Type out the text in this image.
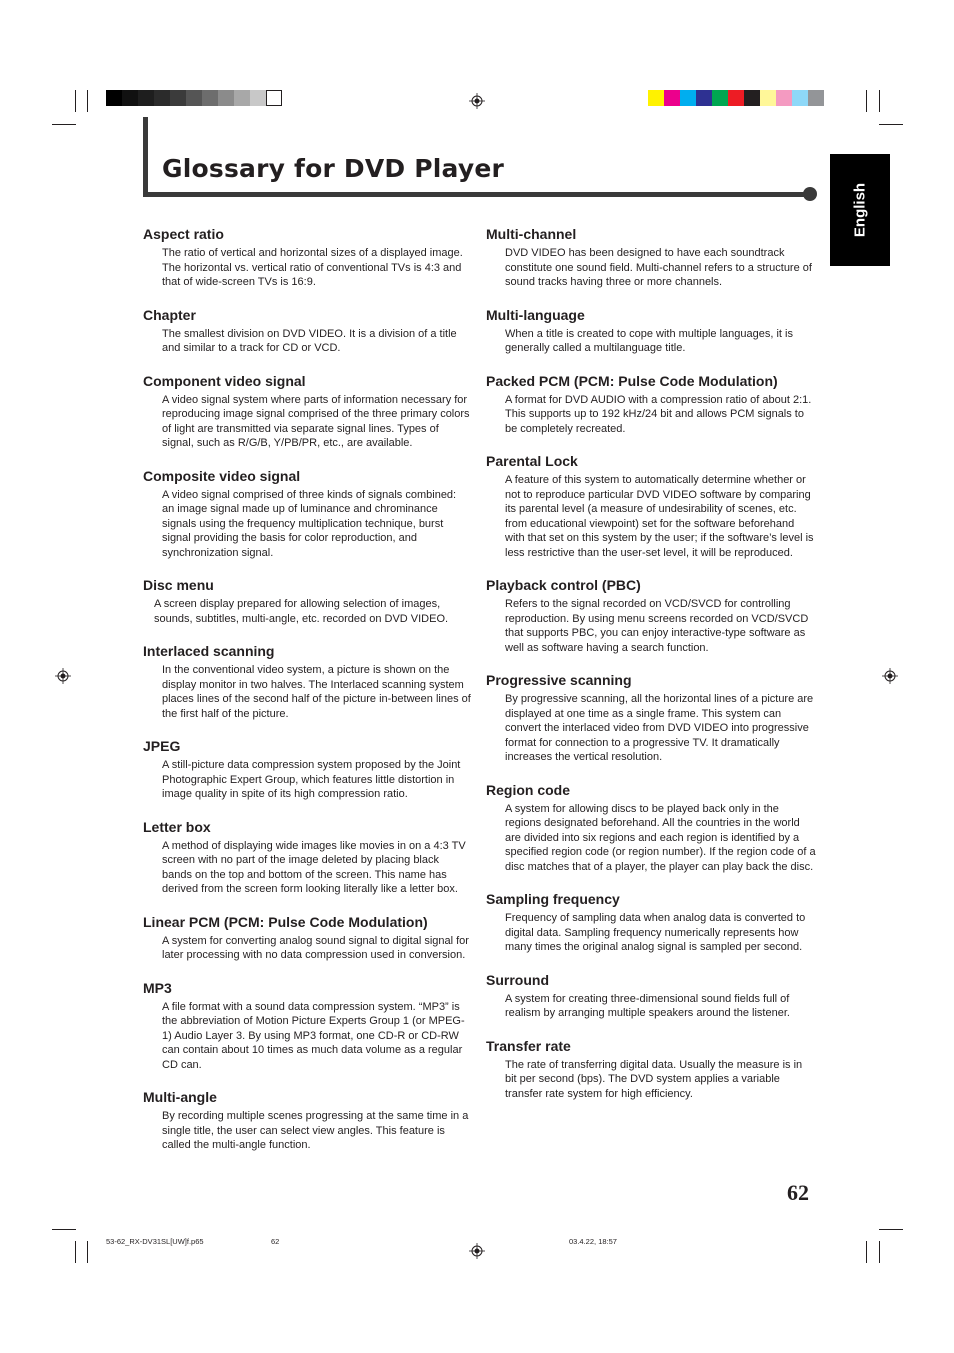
Glossary for DVD Player
English
Aspect ratio

The ratio of vertical and horizontal sizes of a displayed image. The horizontal vs. vertical ratio of conventional TVs is 4:3 and that of wide-screen TVs is 16:9.

Chapter

The smallest division on DVD VIDEO. It is a division of a title and similar to a track for CD or VCD.

Component video signal

A video signal system where parts of information necessary for reproducing image signal comprised of the three primary colors of light are transmitted via separate signal lines. Types of signal, such as R/G/B, Y/PB/PR, etc., are available.

Composite video signal

A video signal comprised of three kinds of signals combined: an image signal made up of luminance and chrominance signals using the frequency multiplication technique, burst signal providing the basis for color reproduction, and synchronization signal.

Disc menu

A screen display prepared for allowing selection of images, sounds, subtitles, multi-angle, etc. recorded on DVD VIDEO.

Interlaced scanning

In the conventional video system, a picture is shown on the display monitor in two halves. The Interlaced scanning system places lines of the second half of the picture in-between lines of the first half of the picture.

JPEG

A still-picture data compression system proposed by the Joint Photographic Expert Group, which features little distortion in image quality in spite of its high compression ratio.

Letter box

A method of displaying wide images like movies in on a 4:3 TV screen with no part of the image deleted by placing black bands on the top and bottom of the screen. This name has derived from the screen form looking literally like a letter box.

Linear PCM (PCM: Pulse Code Modulation)

A system for converting analog sound signal to digital signal for later processing with no data compression used in conversion.

MP3

A file format with a sound data compression system. “MP3” is the abbreviation of Motion Picture Experts Group 1 (or MPEG-1) Audio Layer 3. By using MP3 format, one CD-R or CD-RW can contain about 10 times as much data volume as a regular CD can.

Multi-angle

By recording multiple scenes progressing at the same time in a single title, the user can select view angles. This feature is called the multi-angle function.

Multi-channel

DVD VIDEO has been designed to have each soundtrack constitute one sound field. Multi-channel refers to a structure of sound tracks having three or more channels.

Multi-language

When a title is created to cope with multiple languages, it is generally called a multilanguage title.

Packed PCM (PCM: Pulse Code Modulation)

A format for DVD AUDIO with a compression ratio of about 2:1. This supports up to 192 kHz/24 bit and allows PCM signals to be completely recreated.

Parental Lock

A feature of this system to automatically determine whether or not to reproduce particular DVD VIDEO software by comparing its parental level (a measure of undesirability of scenes, etc. from educational viewpoint) set for the software beforehand with that set on this system by the user; if the software’s level is less restrictive than the user-set level, it will be reproduced.

Playback control (PBC)

Refers to the signal recorded on VCD/SVCD for controlling reproduction. By using menu screens recorded on VCD/SVCD that supports PBC, you can enjoy interactive-type software as well as software having a search function.

Progressive scanning

By progressive scanning, all the horizontal lines of a picture are displayed at one time as a single frame. This system can convert the interlaced video from DVD VIDEO into progressive format for connection to a progressive TV. It dramatically increases the vertical resolution.

Region code

A system for allowing discs to be played back only in the regions designated beforehand. All the countries in the world are divided into six regions and each region is identified by a specified region code (or region number). If the region code of a disc matches that of a player, the player can play back the disc.

Sampling frequency

Frequency of sampling data when analog data is converted to digital data. Sampling frequency numerically represents how many times the original analog signal is sampled per second.

Surround

A system for creating three-dimensional sound fields full of realism by arranging multiple speakers around the listener.

Transfer rate

The rate of transferring digital data. Usually the measure is in bit per second (bps). The DVD system applies a variable transfer rate system for high efficiency.

62
53-62_RX-DV31SL[UW]f.p65	62	03.4.22, 18:57
